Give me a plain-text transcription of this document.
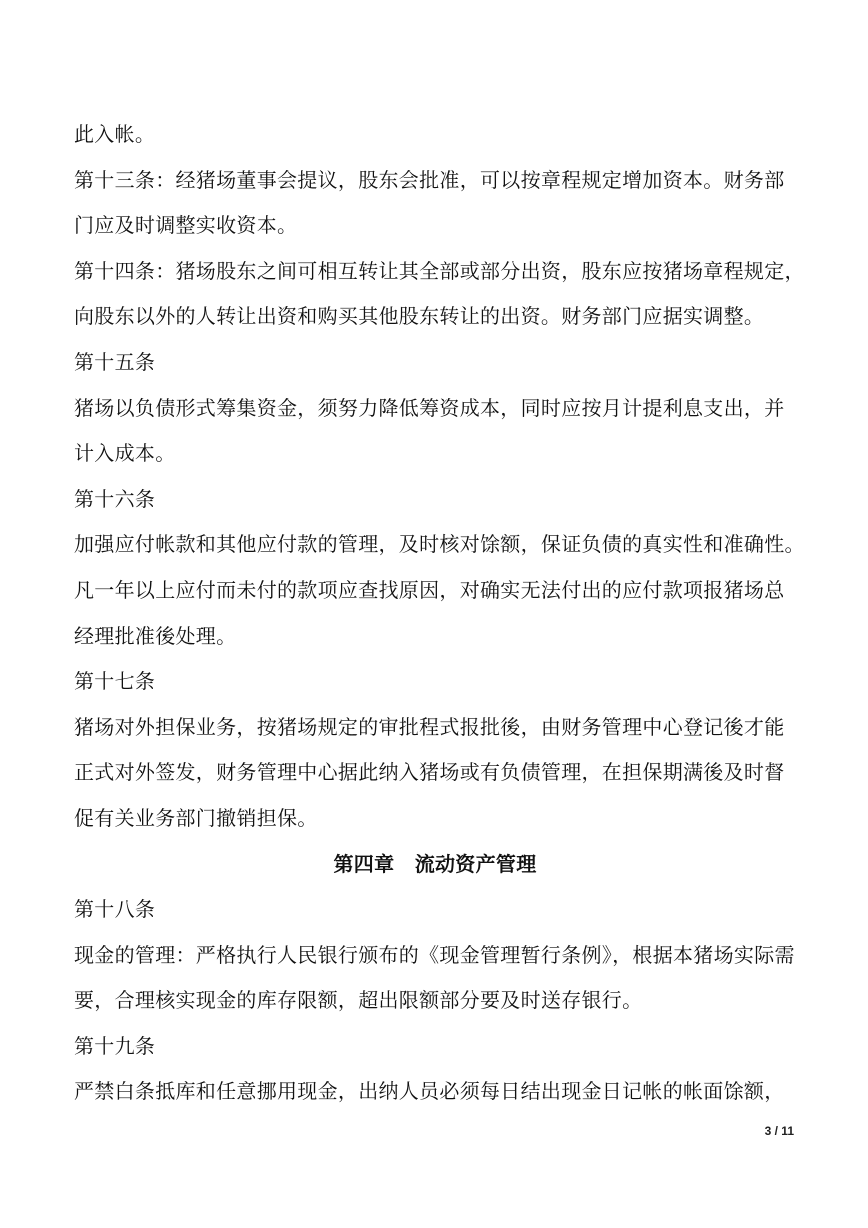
此入帐。
第十三条：经猪场董事会提议，股东会批准，可以按章程规定增加资本。财务部
门应及时调整实收资本。
第十四条：猪场股东之间可相互转让其全部或部分出资，股东应按猪场章程规定，
向股东以外的人转让出资和购买其他股东转让的出资。财务部门应据实调整。
第十五条
猪场以负债形式筹集资金，须努力降低筹资成本，同时应按月计提利息支出，并
计入成本。
第十六条
加强应付帐款和其他应付款的管理，及时核对馀额，保证负债的真实性和准确性。
凡一年以上应付而未付的款项应查找原因，对确实无法付出的应付款项报猪场总
经理批准後处理。
第十七条
猪场对外担保业务，按猪场规定的审批程式报批後，由财务管理中心登记後才能
正式对外签发，财务管理中心据此纳入猪场或有负债管理，在担保期满後及时督
促有关业务部门撤销担保。
第四章　流动资产管理
第十八条
现金的管理：严格执行人民银行颁布的《现金管理暂行条例》，根据本猪场实际需
要，合理核实现金的库存限额，超出限额部分要及时送存银行。
第十九条
严禁白条抵库和任意挪用现金，出纳人员必须每日结出现金日记帐的帐面馀额，
3 / 11
